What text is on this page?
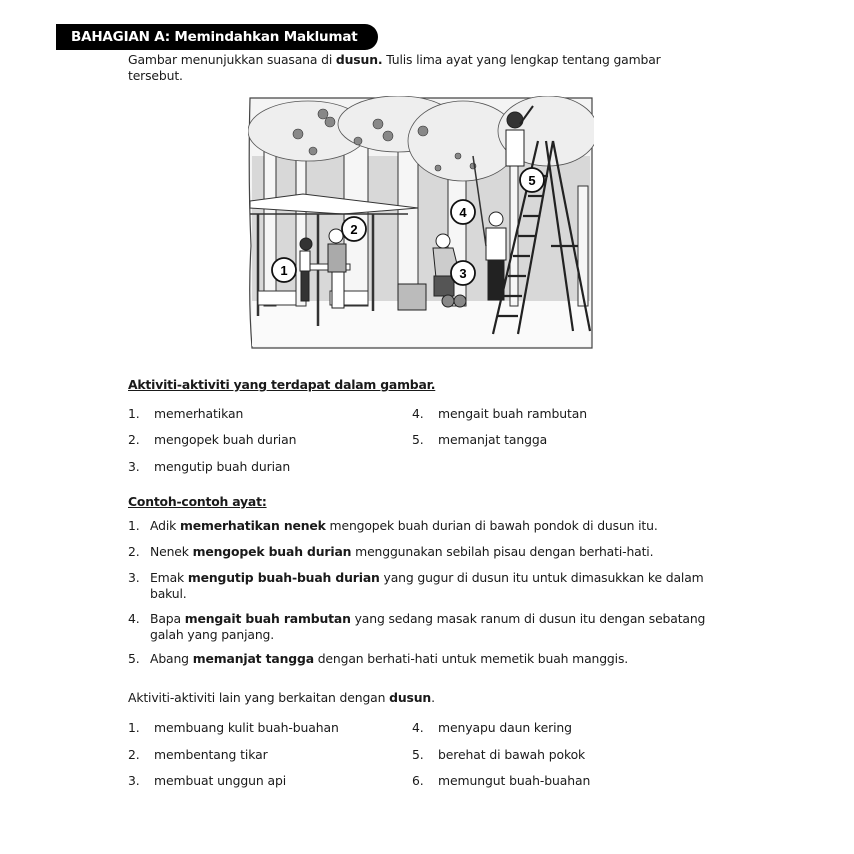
BAHAGIAN A: Memindahkan Maklumat
Gambar menunjukkan suasana di dusun. Tulis lima ayat yang lengkap tentang gambar tersebut.
1
2
3
4
5
Aktiviti-aktiviti yang terdapat dalam gambar.
1. memerhatikan
2. mengopek buah durian
3. mengutip buah durian
4. mengait buah rambutan
5. memanjat tangga
Contoh-contoh ayat:
1. Adik memerhatikan nenek mengopek buah durian di bawah pondok di dusun itu.
2. Nenek mengopek buah durian menggunakan sebilah pisau dengan berhati-hati.
3. Emak mengutip buah-buah durian yang gugur di dusun itu untuk dimasukkan ke dalam bakul.
4. Bapa mengait buah rambutan yang sedang masak ranum di dusun itu dengan sebatang galah yang panjang.
5. Abang memanjat tangga dengan berhati-hati untuk memetik buah manggis.
Aktiviti-aktiviti lain yang berkaitan dengan dusun.
1. membuang kulit buah-buahan
2. membentang tikar
3. membuat unggun api
4. menyapu daun kering
5. berehat di bawah pokok
6. memungut buah-buahan
